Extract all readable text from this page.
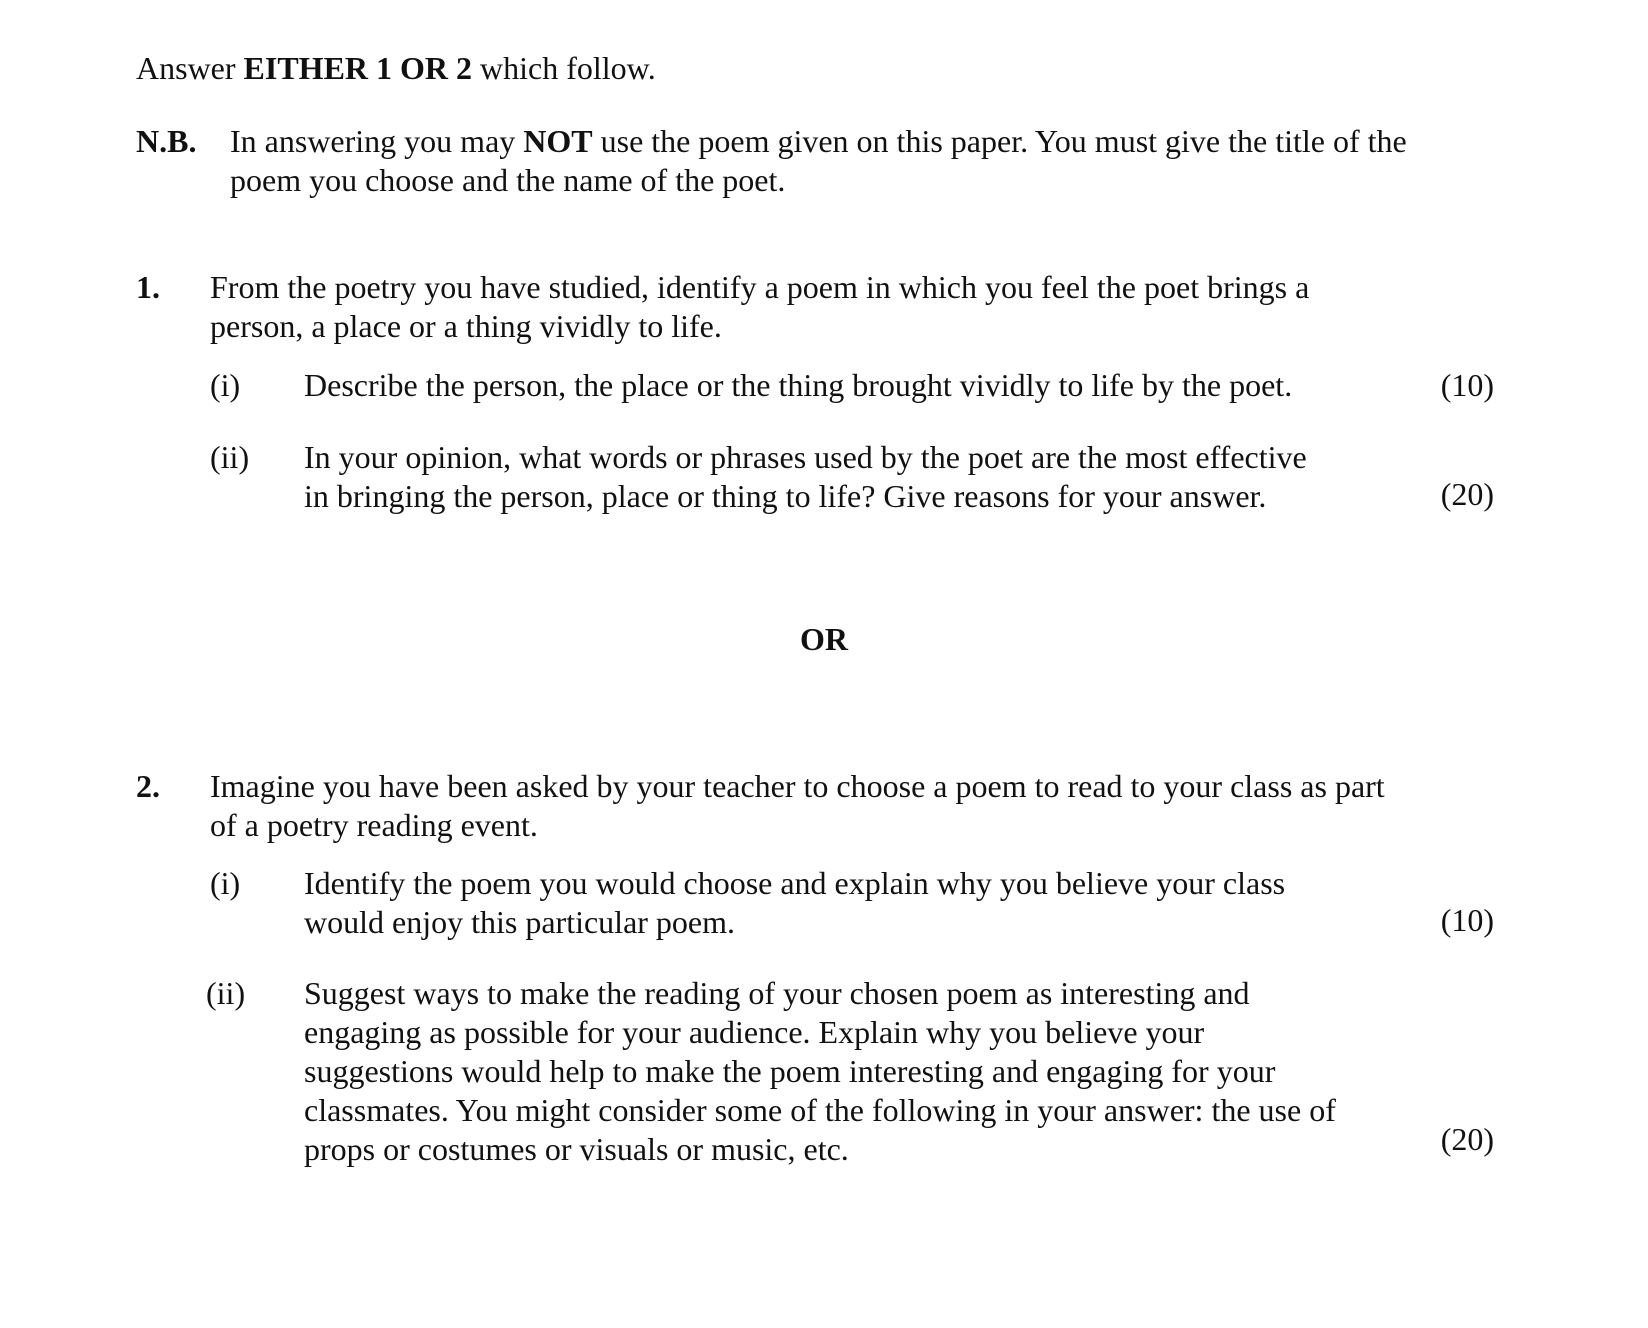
Answer EITHER 1 OR 2 which follow.
N.B. In answering you may NOT use the poem given on this paper. You must give the title of the
poem you choose and the name of the poet.
1. From the poetry you have studied, identify a poem in which you feel the poet brings a
person, a place or a thing vividly to life.
(i) Describe the person, the place or the thing brought vividly to life by the poet.	(10)
(ii) In your opinion, what words or phrases used by the poet are the most effective
in bringing the person, place or thing to life? Give reasons for your answer.	(20)
OR
2. Imagine you have been asked by your teacher to choose a poem to read to your class as part
of a poetry reading event.
(i) Identify the poem you would choose and explain why you believe your class
would enjoy this particular poem.	(10)
(ii) Suggest ways to make the reading of your chosen poem as interesting and
engaging as possible for your audience. Explain why you believe your
suggestions would help to make the poem interesting and engaging for your
classmates. You might consider some of the following in your answer: the use of
props or costumes or visuals or music, etc.	(20)
